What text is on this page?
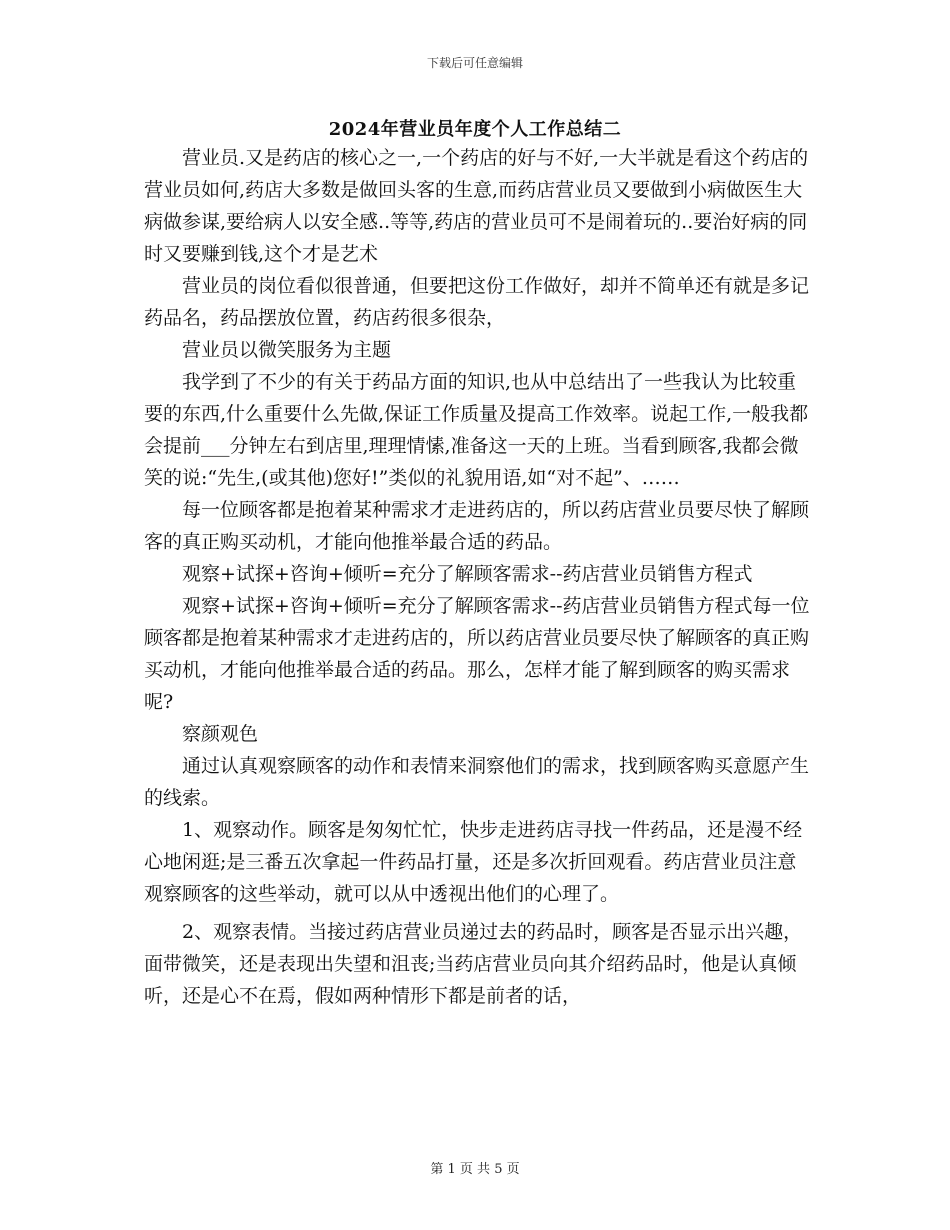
下载后可任意编辑
2024年营业员年度个人工作总结二

营业员.又是药店的核心之一,一个药店的好与不好,一大半就是看这个药店的营业员如何,药店大多数是做回头客的生意,而药店营业员又要做到小病做医生大病做参谋,要给病人以安全感..等等,药店的营业员可不是闹着玩的..要治好病的同时又要赚到钱,这个才是艺术

营业员的岗位看似很普通，但要把这份工作做好，却并不简单还有就是多记药品名，药品摆放位置，药店药很多很杂，

营业员以微笑服务为主题

我学到了不少的有关于药品方面的知识,也从中总结出了一些我认为比较重要的东西,什么重要什么先做,保证工作质量及提高工作效率。说起工作,一般我都会提前___分钟左右到店里,理理情愫,准备这一天的上班。当看到顾客,我都会微笑的说:“先生,(或其他)您好!”类似的礼貌用语,如“对不起”、……

每一位顾客都是抱着某种需求才走进药店的，所以药店营业员要尽快了解顾客的真正购买动机，才能向他推举最合适的药品。

观察+试探+咨询+倾听=充分了解顾客需求--药店营业员销售方程式

观察+试探+咨询+倾听=充分了解顾客需求--药店营业员销售方程式每一位顾客都是抱着某种需求才走进药店的，所以药店营业员要尽快了解顾客的真正购买动机，才能向他推举最合适的药品。那么，怎样才能了解到顾客的购买需求呢?

察颜观色

通过认真观察顾客的动作和表情来洞察他们的需求，找到顾客购买意愿产生的线索。

1、观察动作。顾客是匆匆忙忙，快步走进药店寻找一件药品，还是漫不经心地闲逛;是三番五次拿起一件药品打量，还是多次折回观看。药店营业员注意观察顾客的这些举动，就可以从中透视出他们的心理了。

2、观察表情。当接过药店营业员递过去的药品时，顾客是否显示出兴趣，面带微笑，还是表现出失望和沮丧;当药店营业员向其介绍药品时，他是认真倾听，还是心不在焉，假如两种情形下都是前者的话，

第 1 页 共 5 页
